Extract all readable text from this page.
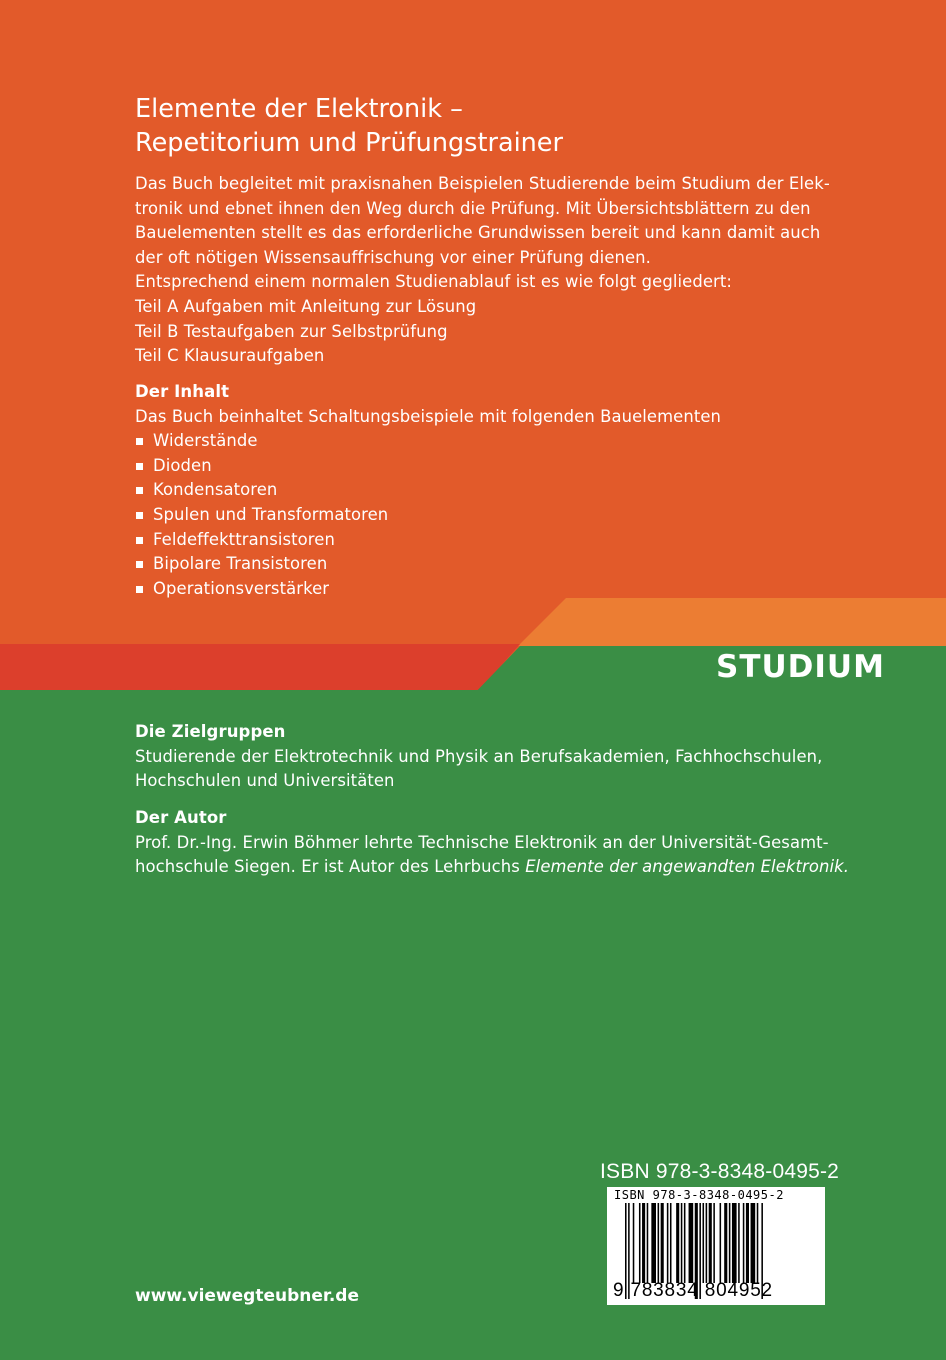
Elemente der Elektronik –
Repetitorium und Prüfungstrainer
Das Buch begleitet mit praxisnahen Beispielen Studierende beim Studium der Elek-
tronik und ebnet ihnen den Weg durch die Prüfung. Mit Übersichtsblättern zu den
Bauelementen stellt es das erforderliche Grundwissen bereit und kann damit auch
der oft nötigen Wissensauffrischung vor einer Prüfung dienen.
Entsprechend einem normalen Studienablauf ist es wie folgt gegliedert:
Teil A Aufgaben mit Anleitung zur Lösung
Teil B Testaufgaben zur Selbstprüfung
Teil C Klausuraufgaben
Der Inhalt
Das Buch beinhaltet Schaltungsbeispiele mit folgenden Bauelementen
Widerstände
Dioden
Kondensatoren
Spulen und Transformatoren
Feldeffekttransistoren
Bipolare Transistoren
Operationsverstärker
STUDIUM
Die Zielgruppen
Studierende der Elektrotechnik und Physik an Berufsakademien, Fachhochschulen,
Hochschulen und Universitäten
Der Autor
Prof. Dr.-Ing. Erwin Böhmer lehrte Technische Elektronik an der Universität-Gesamt-
hochschule Siegen. Er ist Autor des Lehrbuchs Elemente der angewandten Elektronik.
ISBN 978-3-8348-0495-2
ISBN 978-3-8348-0495-2
9 783834 804952
www.viewegteubner.de
